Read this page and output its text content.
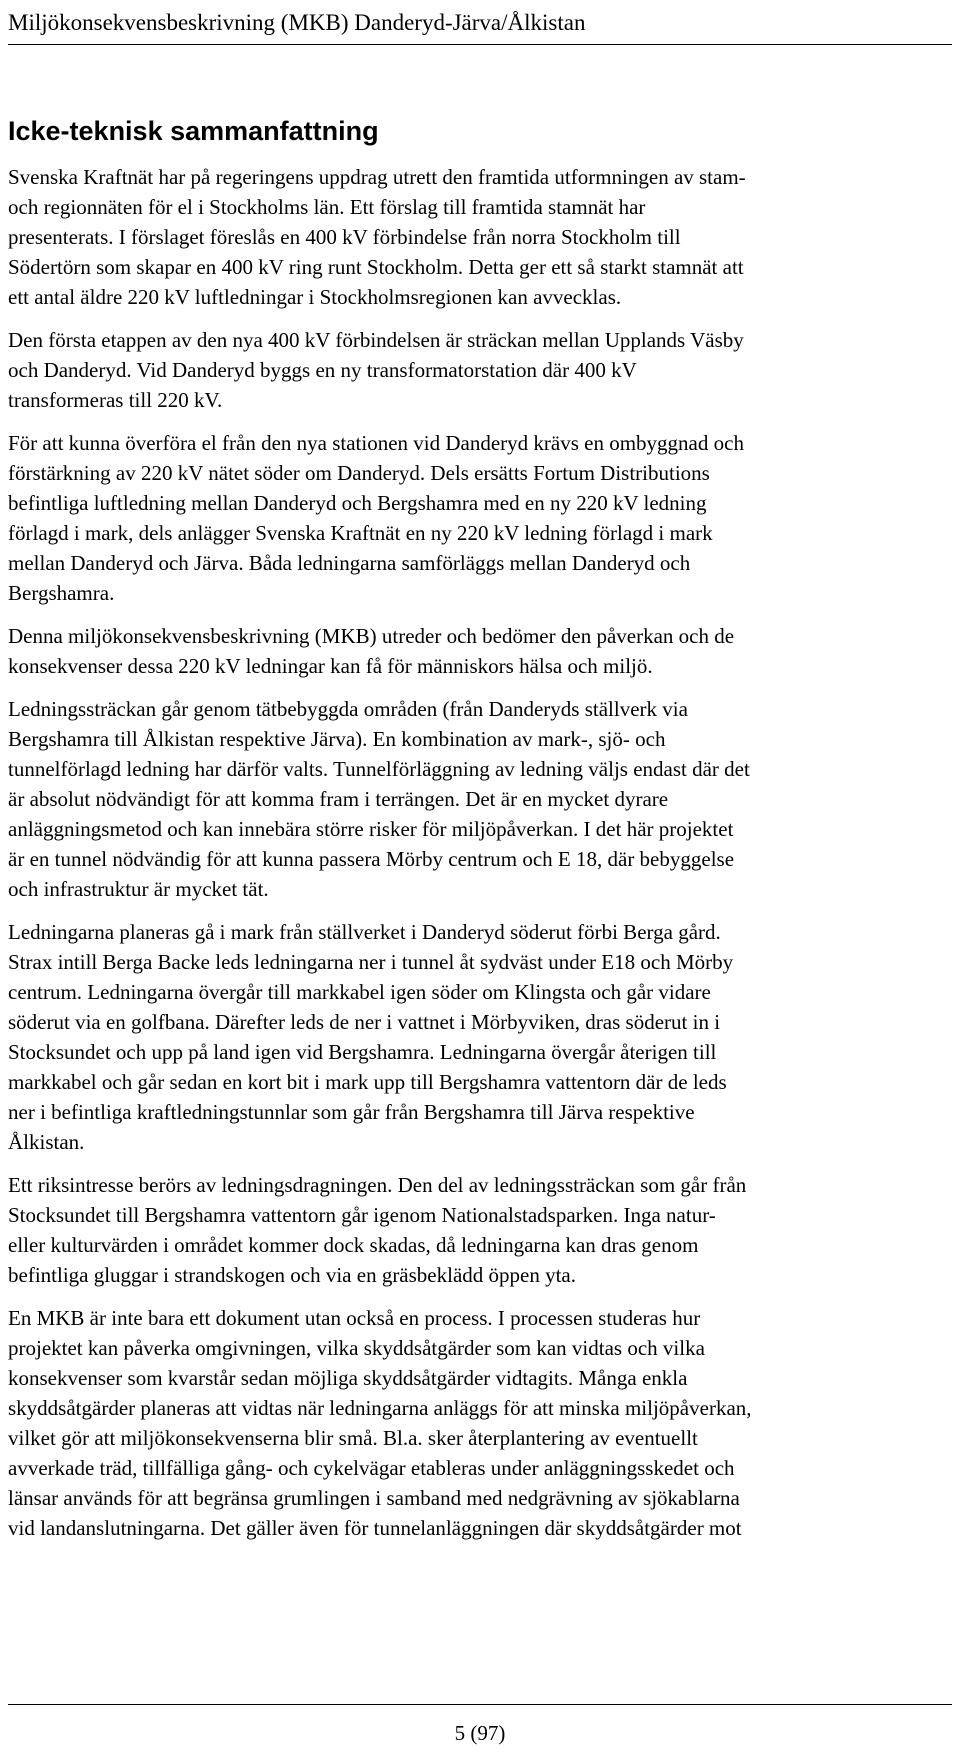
Miljökonsekvensbeskrivning (MKB) Danderyd-Järva/Ålkistan
Icke-teknisk sammanfattning

Svenska Kraftnät har på regeringens uppdrag utrett den framtida utformningen av stam-
och regionnäten för el i Stockholms län. Ett förslag till framtida stamnät har
presenterats. I förslaget föreslås en 400 kV förbindelse från norra Stockholm till
Södertörn som skapar en 400 kV ring runt Stockholm. Detta ger ett så starkt stamnät att
ett antal äldre 220 kV luftledningar i Stockholmsregionen kan avvecklas.

Den första etappen av den nya 400 kV förbindelsen är sträckan mellan Upplands Väsby
och Danderyd. Vid Danderyd byggs en ny transformatorstation där 400 kV
transformeras till 220 kV.

För att kunna överföra el från den nya stationen vid Danderyd krävs en ombyggnad och
förstärkning av 220 kV nätet söder om Danderyd. Dels ersätts Fortum Distributions
befintliga luftledning mellan Danderyd och Bergshamra med en ny 220 kV ledning
förlagd i mark, dels anlägger Svenska Kraftnät en ny 220 kV ledning förlagd i mark
mellan Danderyd och Järva. Båda ledningarna samförläggs mellan Danderyd och
Bergshamra.

Denna miljökonsekvensbeskrivning (MKB) utreder och bedömer den påverkan och de
konsekvenser dessa 220 kV ledningar kan få för människors hälsa och miljö.

Ledningssträckan går genom tätbebyggda områden (från Danderyds ställverk via
Bergshamra till Ålkistan respektive Järva). En kombination av mark-, sjö- och
tunnelförlagd ledning har därför valts. Tunnelförläggning av ledning väljs endast där det
är absolut nödvändigt för att komma fram i terrängen. Det är en mycket dyrare
anläggningsmetod och kan innebära större risker för miljöpåverkan. I det här projektet
är en tunnel nödvändig för att kunna passera Mörby centrum och E 18, där bebyggelse
och infrastruktur är mycket tät.

Ledningarna planeras gå i mark från ställverket i Danderyd söderut förbi Berga gård.
Strax intill Berga Backe leds ledningarna ner i tunnel åt sydväst under E18 och Mörby
centrum. Ledningarna övergår till markkabel igen söder om Klingsta och går vidare
söderut via en golfbana. Därefter leds de ner i vattnet i Mörbyviken, dras söderut in i
Stocksundet och upp på land igen vid Bergshamra. Ledningarna övergår återigen till
markkabel och går sedan en kort bit i mark upp till Bergshamra vattentorn där de leds
ner i befintliga kraftledningstunnlar som går från Bergshamra till Järva respektive
Ålkistan.

Ett riksintresse berörs av ledningsdragningen. Den del av ledningssträckan som går från
Stocksundet till Bergshamra vattentorn går igenom Nationalstadsparken. Inga natur-
eller kulturvärden i området kommer dock skadas, då ledningarna kan dras genom
befintliga gluggar i strandskogen och via en gräsbeklädd öppen yta.

En MKB är inte bara ett dokument utan också en process. I processen studeras hur
projektet kan påverka omgivningen, vilka skyddsåtgärder som kan vidtas och vilka
konsekvenser som kvarstår sedan möjliga skyddsåtgärder vidtagits. Många enkla
skyddsåtgärder planeras att vidtas när ledningarna anläggs för att minska miljöpåverkan,
vilket gör att miljökonsekvenserna blir små. Bl.a. sker återplantering av eventuellt
avverkade träd, tillfälliga gång- och cykelvägar etableras under anläggningsskedet och
länsar används för att begränsa grumlingen i samband med nedgrävning av sjökablarna
vid landanslutningarna. Det gäller även för tunnelanläggningen där skyddsåtgärder mot

5 (97)
